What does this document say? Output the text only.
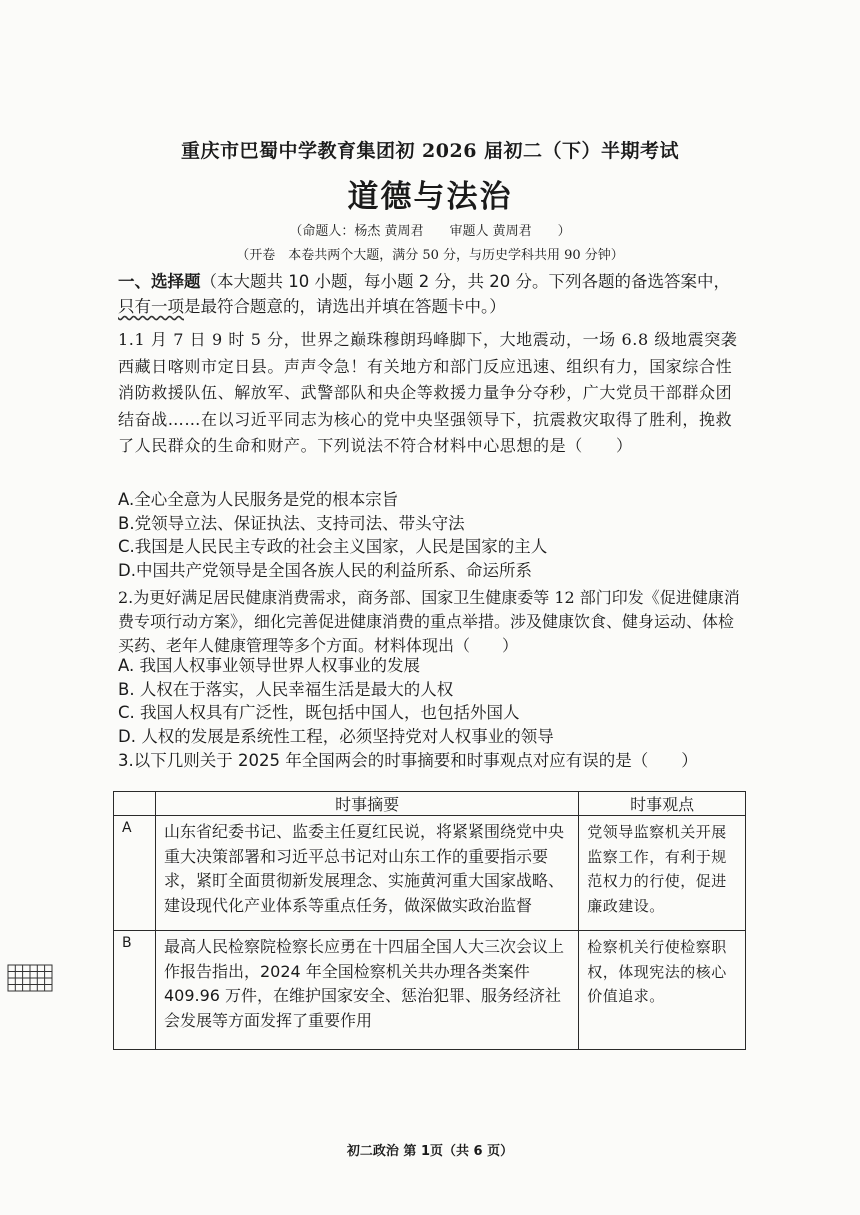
重庆市巴蜀中学教育集团初 2026 届初二（下）半期考试
道德与法治
（命题人：杨杰 黄周君　　审题人 黄周君　　）
（开卷　本卷共两个大题，满分 50 分，与历史学科共用 90 分钟）
一、选择题（本大题共 10 小题，每小题 2 分，共 20 分。下列各题的备选答案中，
只有一项是最符合题意的，请选出并填在答题卡中。）
1.1 月 7 日 9 时 5 分，世界之巅珠穆朗玛峰脚下，大地震动，一场 6.8 级地震突袭西藏日喀则市定日县。声声令急！有关地方和部门反应迅速、组织有力，国家综合性消防救援队伍、解放军、武警部队和央企等救援力量争分夺秒，广大党员干部群众团结奋战……在以习近平同志为核心的党中央坚强领导下，抗震救灾取得了胜利，挽救了人民群众的生命和财产。下列说法不符合材料中心思想的是（　　）
A.全心全意为人民服务是党的根本宗旨
B.党领导立法、保证执法、支持司法、带头守法
C.我国是人民民主专政的社会主义国家，人民是国家的主人
D.中国共产党领导是全国各族人民的利益所系、命运所系
2.为更好满足居民健康消费需求，商务部、国家卫生健康委等 12 部门印发《促进健康消费专项行动方案》，细化完善促进健康消费的重点举措。涉及健康饮食、健身运动、体检买药、老年人健康管理等多个方面。材料体现出（　　）
A. 我国人权事业领导世界人权事业的发展
B. 人权在于落实，人民幸福生活是最大的人权
C. 我国人权具有广泛性，既包括中国人，也包括外国人
D. 人权的发展是系统性工程，必须坚持党对人权事业的领导
3.以下几则关于 2025 年全国两会的时事摘要和时事观点对应有误的是（　　）
	时事摘要	时事观点
A	山东省纪委书记、监委主任夏红民说，将紧紧围绕党中央重大决策部署和习近平总书记对山东工作的重要指示要求，紧盯全面贯彻新发展理念、实施黄河重大国家战略、建设现代化产业体系等重点任务，做深做实政治监督	党领导监察机关开展监察工作，有利于规范权力的行使，促进廉政建设。
B	最高人民检察院检察长应勇在十四届全国人大三次会议上作报告指出，2024 年全国检察机关共办理各类案件 409.96 万件，在维护国家安全、惩治犯罪、服务经济社会发展等方面发挥了重要作用	检察机关行使检察职权，体现宪法的核心价值追求。
初二政治 第 1页（共 6 页）
